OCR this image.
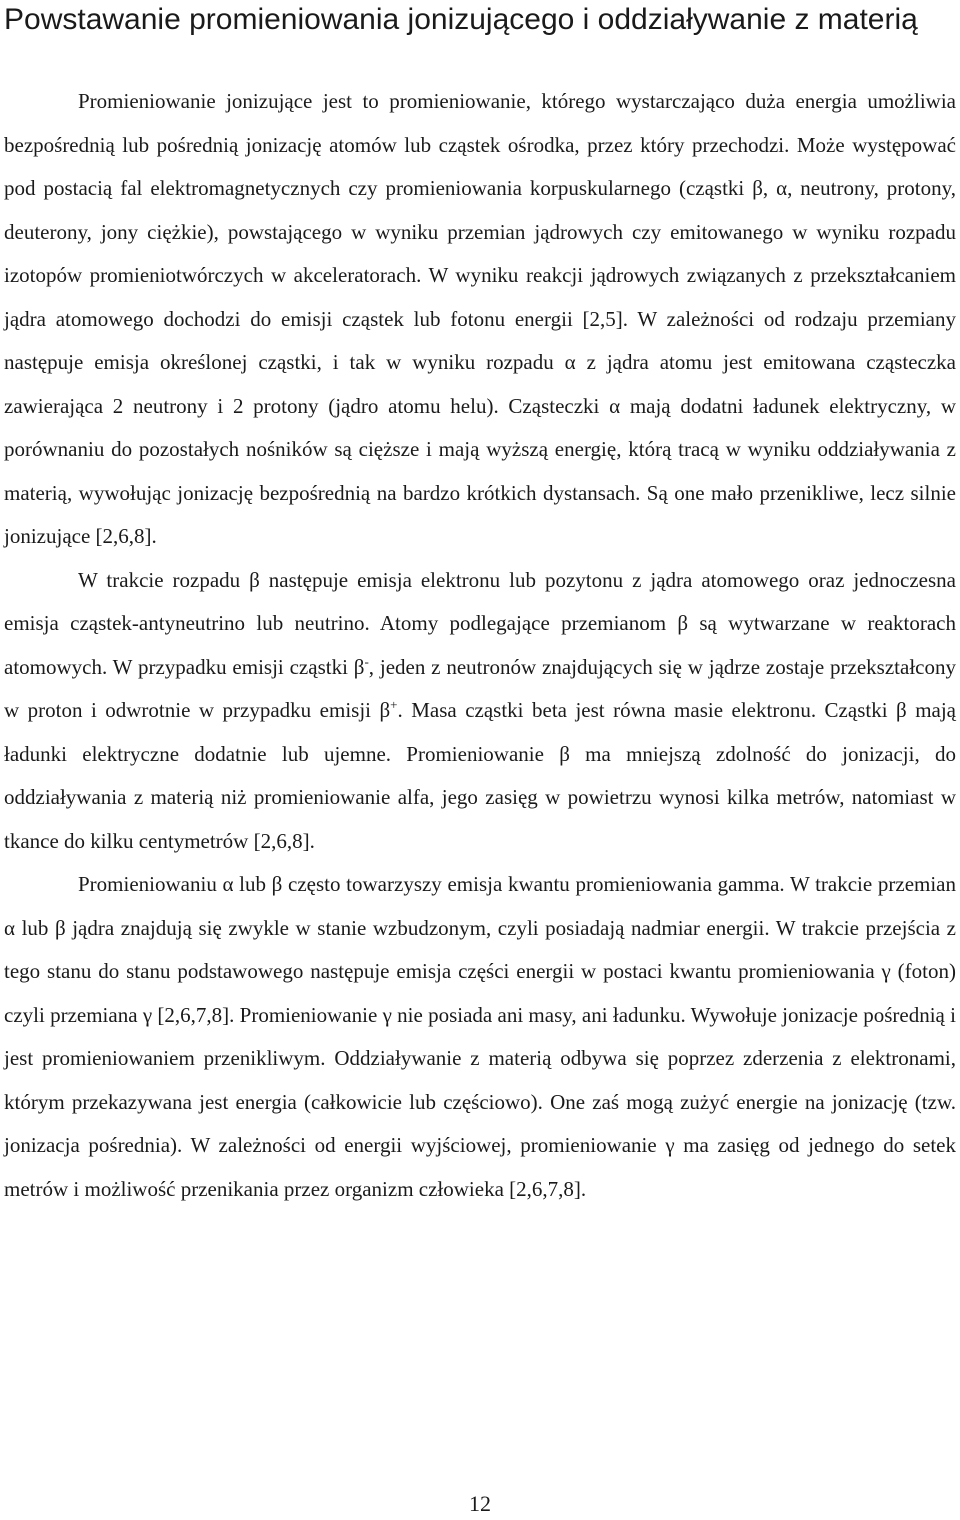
Powstawanie promieniowania jonizującego i oddziaływanie z materią

Promieniowanie jonizujące jest to promieniowanie, którego wystarczająco duża energia umożliwia bezpośrednią lub pośrednią jonizację atomów lub cząstek ośrodka, przez który przechodzi. Może występować pod postacią fal elektromagnetycznych czy promieniowania korpuskularnego (cząstki β, α, neutrony, protony, deuterony, jony ciężkie), powstającego w wyniku przemian jądrowych czy emitowanego w wyniku rozpadu izotopów promieniotwórczych w akceleratorach. W wyniku reakcji jądrowych związanych z przekształcaniem jądra atomowego dochodzi do emisji cząstek lub fotonu energii [2,5]. W zależności od rodzaju przemiany następuje emisja określonej cząstki, i tak w wyniku rozpadu α z jądra atomu jest emitowana cząsteczka zawierająca 2 neutrony i 2 protony (jądro atomu helu). Cząsteczki α mają dodatni ładunek elektryczny, w porównaniu do pozostałych nośników są cięższe i mają wyższą energię, którą tracą w wyniku oddziaływania z materią, wywołując jonizację bezpośrednią na bardzo krótkich dystansach. Są one mało przenikliwe, lecz silnie jonizujące [2,6,8].

W trakcie rozpadu β następuje emisja elektronu lub pozytonu z jądra atomowego oraz jednoczesna emisja cząstek-antyneutrino lub neutrino. Atomy podlegające przemianom β są wytwarzane w reaktorach atomowych. W przypadku emisji cząstki β-, jeden z neutronów znajdujących się w jądrze zostaje przekształcony w proton i odwrotnie w przypadku emisji β+. Masa cząstki beta jest równa masie elektronu. Cząstki β mają ładunki elektryczne dodatnie lub ujemne. Promieniowanie β ma mniejszą zdolność do jonizacji, do oddziaływania z materią niż promieniowanie alfa, jego zasięg w powietrzu wynosi kilka metrów, natomiast w tkance do kilku centymetrów [2,6,8].

Promieniowaniu α lub β często towarzyszy emisja kwantu promieniowania gamma. W trakcie przemian α lub β jądra znajdują się zwykle w stanie wzbudzonym, czyli posiadają nadmiar energii. W trakcie przejścia z tego stanu do stanu podstawowego następuje emisja części energii w postaci kwantu promieniowania γ (foton) czyli przemiana γ [2,6,7,8]. Promieniowanie γ nie posiada ani masy, ani ładunku. Wywołuje jonizacje pośrednią i jest promieniowaniem przenikliwym. Oddziaływanie z materią odbywa się poprzez zderzenia z elektronami, którym przekazywana jest energia (całkowicie lub częściowo). One zaś mogą zużyć energie na jonizację (tzw. jonizacja pośrednia). W zależności od energii wyjściowej, promieniowanie γ ma zasięg od jednego do setek metrów i możliwość przenikania przez organizm człowieka [2,6,7,8].

12
